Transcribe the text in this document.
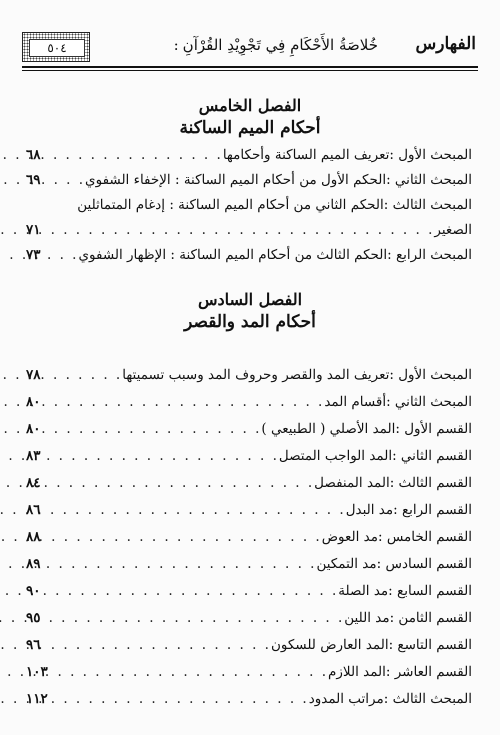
الفهارس
خُلاصَةُ الأَحْكَامِ فِي تَجْوِيْدِ القُرْآنِ:
٥٠٤
الفصل الخامس
أحكام الميم الساكنة
المبحث الأول :
تعريف الميم الساكنة وأحكامها
. . .
٦٨
المبحث الثاني :
الحكم الأول من أحكام الميم الساكنة : الإخفاء الشفوي
. . .
٦٩
المبحث الثالث :
الحكم الثاني من أحكام الميم الساكنة : إدغام المتماثلين
الصغير
. . .
٧١
المبحث الرابع :
الحكم الثالث من أحكام الميم الساكنة : الإظهار الشفوي
. . .
٧٣
الفصل السادس
أحكام المد والقصر
المبحث الأول :
تعريف المد والقصر وحروف المد وسبب تسميتها
. . .
٧٨
المبحث الثاني :
أقسام المد
. . .
٨٠
القسم الأول :
المد الأصلي ( الطبيعي )
. . .
٨٠
القسم الثاني :
المد الواجب المتصل
. . .
٨٣
القسم الثالث :
المد المنفصل
. . .
٨٤
القسم الرابع :
مد البدل
. . .
٨٦
القسم الخامس :
مد العوض
. . .
٨٨
القسم السادس :
مد التمكين
. . .
٨٩
القسم السابع :
مد الصلة
. . .
٩٠
القسم الثامن :
مد اللين
. . .
٩٥
القسم التاسع :
المد العارض للسكون
. . .
٩٦
القسم العاشر :
المد اللازم
. . .
١٠٣
المبحث الثالث :
مراتب المدود
. . .
١١٢
